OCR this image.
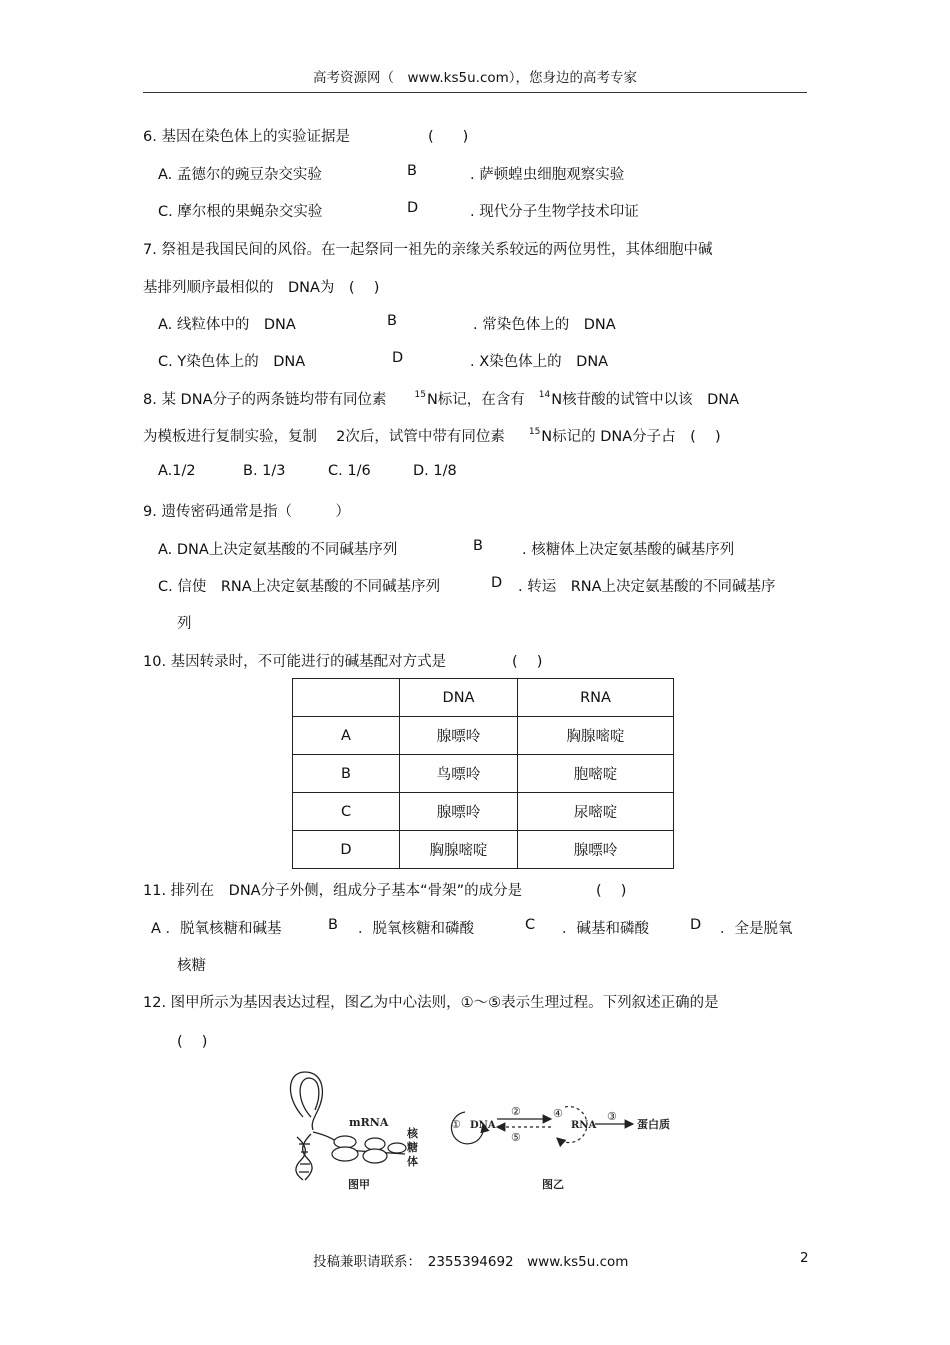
高考资源网（　www.ks5u.com），您身边的高考专家
6. 基因在染色体上的实验证据是	(　　)
A. 孟德尔的豌豆杂交实验	B	. 萨顿蝗虫细胞观察实验
C. 摩尔根的果蝇杂交实验	D	. 现代分子生物学技术印证
7. 祭祖是我国民间的风俗。在一起祭同一祖先的亲缘关系较远的两位男性，其体细胞中碱
基排列顺序最相似的　DNA为　( 　)
A. 线粒体中的　DNA	B	. 常染色体上的　DNA
C. Y染色体上的　DNA	D	. X染色体上的　DNA
8. 某 DNA分子的两条链均带有同位素	$^{15}$N标记，在含有 $^{14}$N核苷酸的试管中以该　DNA
为模板进行复制实验，复制　 2次后，试管中带有同位素	$^{15}$N标记的 DNA分子占　( 　)
A.1/2	B. 1/3	C. 1/6	D. 1/8
9. 遗传密码通常是指（　　　）
A. DNA上决定氨基酸的不同碱基序列	B	. 核糖体上决定氨基酸的碱基序列
C. 信使　RNA上决定氨基酸的不同碱基序列	D . 转运　RNA上决定氨基酸的不同碱基序
列
10. 基因转录时，不可能进行的碱基配对方式是	( 　)
	DNA	RNA
A	腺嘌呤	胸腺嘧啶
B	鸟嘌呤	胞嘧啶
C	腺嘌呤	尿嘧啶
D	胸腺嘧啶	腺嘌呤
11. 排列在　DNA分子外侧，组成分子基本“骨架”的成分是	( 　)
A ．脱氧核糖和碱基	B ．脱氧核糖和磷酸	C ．碱基和磷酸	D ．全是脱氧
核糖
12. 图甲所示为基因表达过程，图乙为中心法则，①～⑤表示生理过程。下列叙述正确的是
( 　)
mRNA
核
糖
体
图甲
① DNA
②
⑤
④
RNA
③
蛋白质
图乙
投稿兼职请联系：　2355394692　www.ks5u.com	2
